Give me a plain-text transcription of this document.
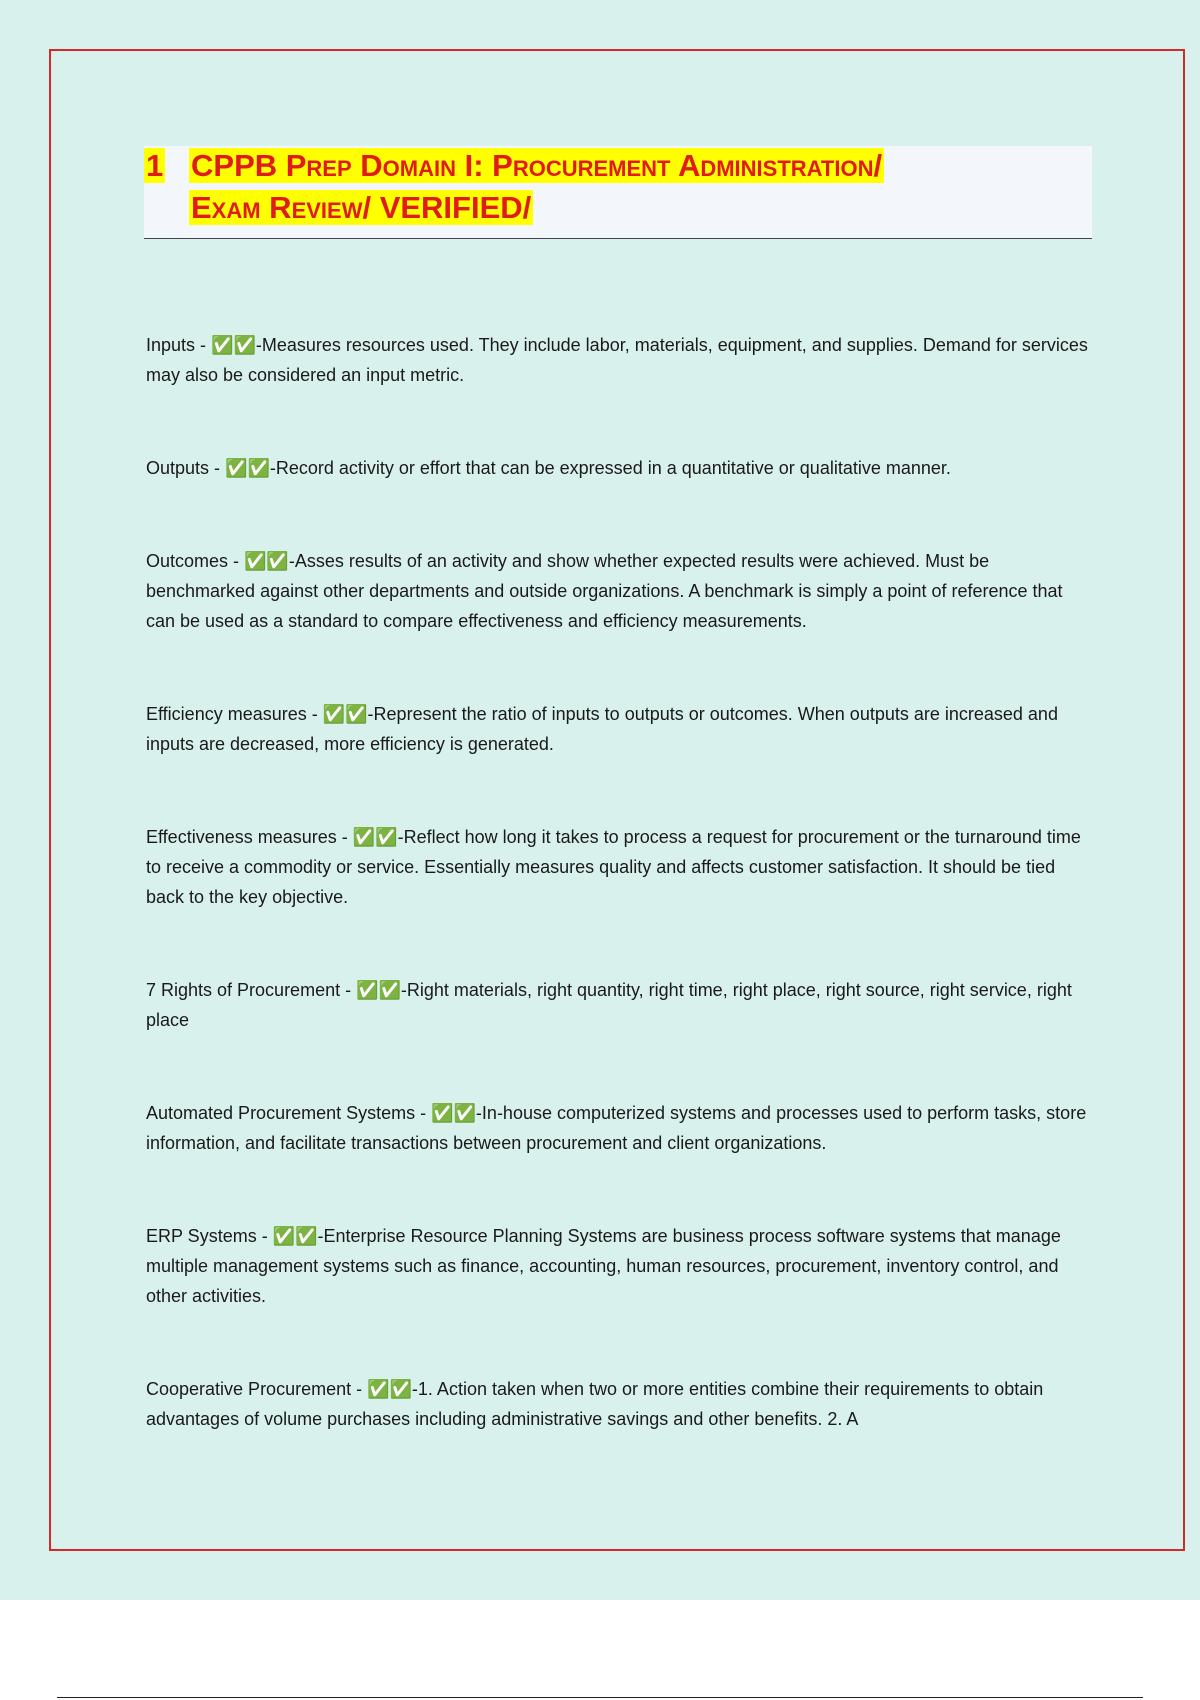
1 CPPB Prep Domain I: Procurement Administration/
Exam Review/ VERIFIED/
Inputs - ✅✅-Measures resources used. They include labor, materials, equipment, and supplies. Demand for services may also be considered an input metric.
Outputs - ✅✅-Record activity or effort that can be expressed in a quantitative or qualitative manner.
Outcomes - ✅✅-Asses results of an activity and show whether expected results were achieved. Must be benchmarked against other departments and outside organizations. A benchmark is simply a point of reference that can be used as a standard to compare effectiveness and efficiency measurements.
Efficiency measures - ✅✅-Represent the ratio of inputs to outputs or outcomes. When outputs are increased and inputs are decreased, more efficiency is generated.
Effectiveness measures - ✅✅-Reflect how long it takes to process a request for procurement or the turnaround time to receive a commodity or service. Essentially measures quality and affects customer satisfaction. It should be tied back to the key objective.
7 Rights of Procurement - ✅✅-Right materials, right quantity, right time, right place, right source, right service, right place
Automated Procurement Systems - ✅✅-In-house computerized systems and processes used to perform tasks, store information, and facilitate transactions between procurement and client organizations.
ERP Systems - ✅✅-Enterprise Resource Planning Systems are business process software systems that manage multiple management systems such as finance, accounting, human resources, procurement, inventory control, and other activities.
Cooperative Procurement - ✅✅-1. Action taken when two or more entities combine their requirements to obtain advantages of volume purchases including administrative savings and other benefits. 2. A
